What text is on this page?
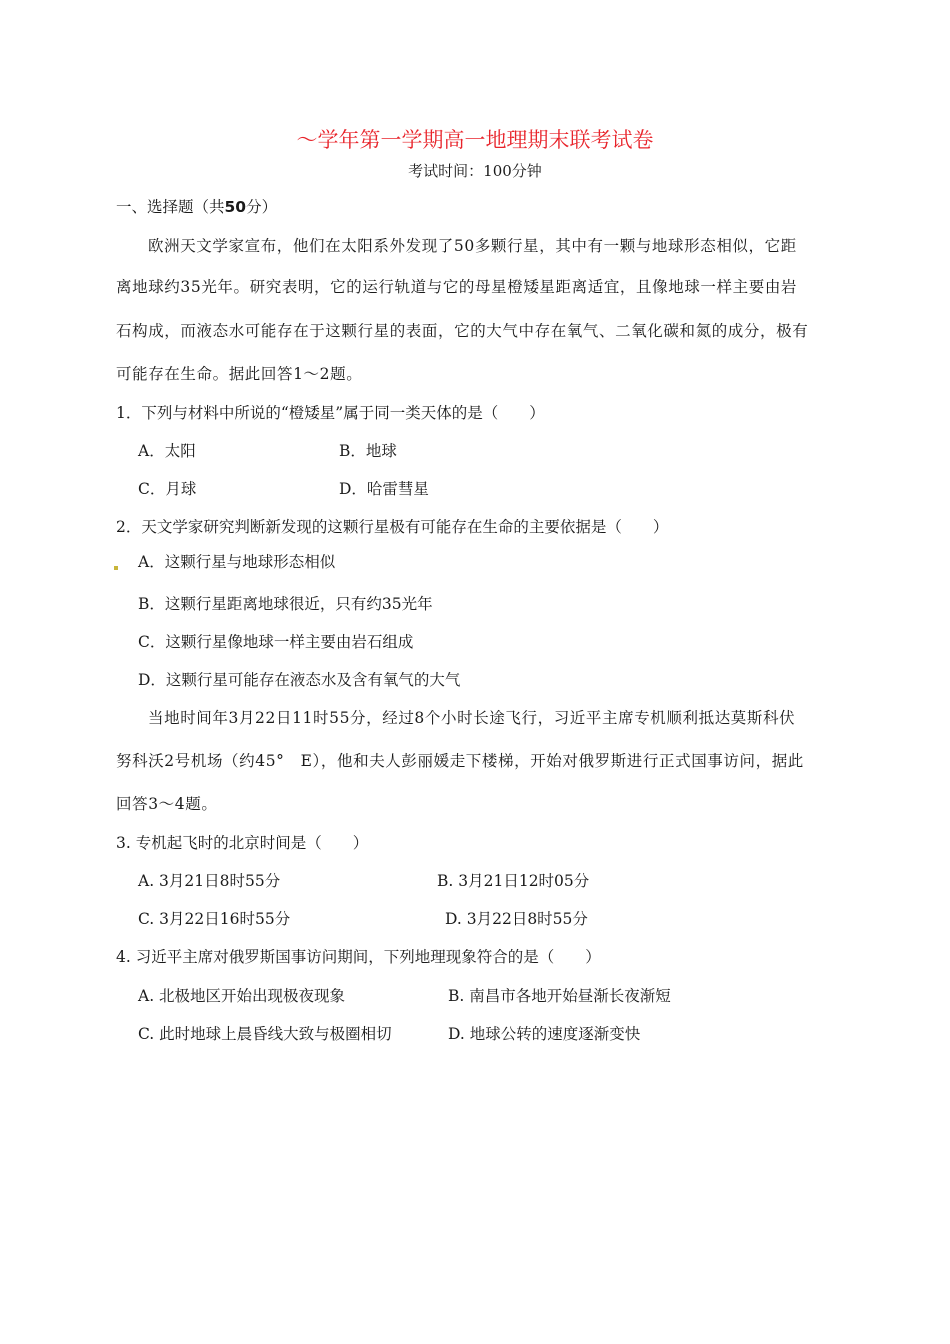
～学年第一学期高一地理期末联考试卷
考试时间：100分钟
一、选择题（共50分）
欧洲天文学家宣布，他们在太阳系外发现了50多颗行星，其中有一颗与地球形态相似，它距
离地球约35光年。研究表明，它的运行轨道与它的母星橙矮星距离适宜，且像地球一样主要由岩
石构成，而液态水可能存在于这颗行星的表面，它的大气中存在氧气、二氧化碳和氮的成分，极有
可能存在生命。据此回答1～2题。
1．下列与材料中所说的“橙矮星”属于同一类天体的是（　　）
A．太阳	B．地球
C．月球	D．哈雷彗星
2．天文学家研究判断新发现的这颗行星极有可能存在生命的主要依据是（　　）
A．这颗行星与地球形态相似
B．这颗行星距离地球很近，只有约35光年
C．这颗行星像地球一样主要由岩石组成
D．这颗行星可能存在液态水及含有氧气的大气
当地时间年3月22日11时55分，经过8个小时长途飞行，习近平主席专机顺利抵达莫斯科伏
努科沃2号机场（约45°　E），他和夫人彭丽媛走下楼梯，开始对俄罗斯进行正式国事访问，据此
回答3～4题。
3. 专机起飞时的北京时间是（　　）
A. 3月21日8时55分	B. 3月21日12时05分
C. 3月22日16时55分	D. 3月22日8时55分
4. 习近平主席对俄罗斯国事访问期间，下列地理现象符合的是（　　）
A. 北极地区开始出现极夜现象	B. 南昌市各地开始昼渐长夜渐短
C. 此时地球上晨昏线大致与极圈相切	D. 地球公转的速度逐渐变快
